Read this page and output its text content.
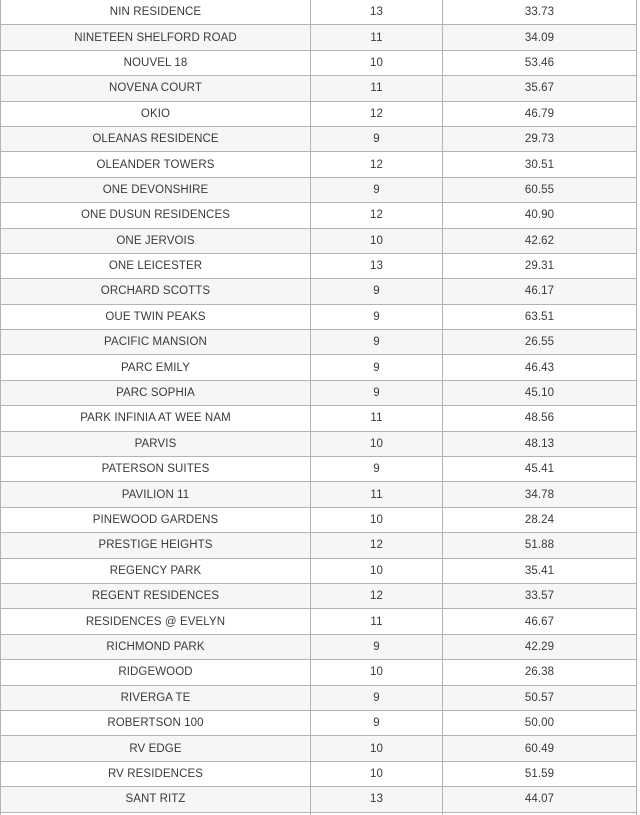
NIN RESIDENCE	13	33.73
NINETEEN SHELFORD ROAD	11	34.09
NOUVEL 18	10	53.46
NOVENA COURT	11	35.67
OKIO	12	46.79
OLEANAS RESIDENCE	9	29.73
OLEANDER TOWERS	12	30.51
ONE DEVONSHIRE	9	60.55
ONE DUSUN RESIDENCES	12	40.90
ONE JERVOIS	10	42.62
ONE LEICESTER	13	29.31
ORCHARD SCOTTS	9	46.17
OUE TWIN PEAKS	9	63.51
PACIFIC MANSION	9	26.55
PARC EMILY	9	46.43
PARC SOPHIA	9	45.10
PARK INFINIA AT WEE NAM	11	48.56
PARVIS	10	48.13
PATERSON SUITES	9	45.41
PAVILION 11	11	34.78
PINEWOOD GARDENS	10	28.24
PRESTIGE HEIGHTS	12	51.88
REGENCY PARK	10	35.41
REGENT RESIDENCES	12	33.57
RESIDENCES @ EVELYN	11	46.67
RICHMOND PARK	9	42.29
RIDGEWOOD	10	26.38
RIVERGA TE	9	50.57
ROBERTSON 100	9	50.00
RV EDGE	10	60.49
RV RESIDENCES	10	51.59
SANT RITZ	13	44.07
